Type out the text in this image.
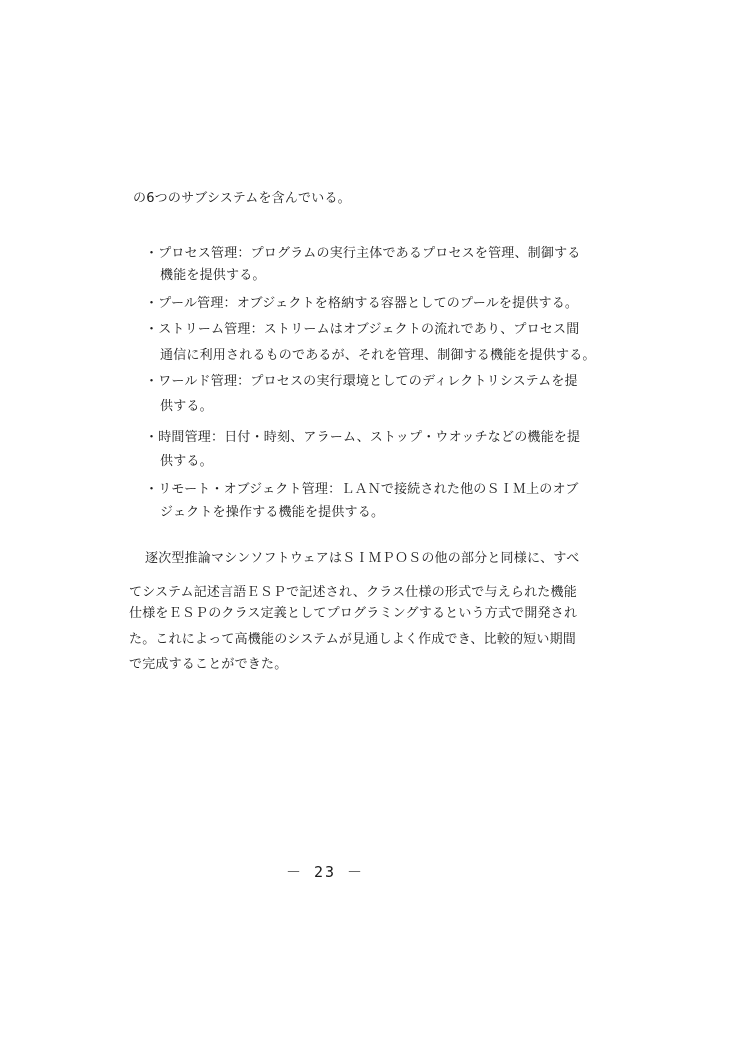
の6つのサブシステムを含んでいる。
・プロセス管理：プログラムの実行主体であるプロセスを管理、制御する
機能を提供する。
・プール管理：オブジェクトを格納する容器としてのプールを提供する。
・ストリーム管理：ストリームはオブジェクトの流れであり、プロセス間
通信に利用されるものであるが、それを管理、制御する機能を提供する。
・ワールド管理：プロセスの実行環境としてのディレクトリシステムを提
供する。
・時間管理：日付・時刻、アラーム、ストップ・ウオッチなどの機能を提
供する。
・リモート・オブジェクト管理：ＬＡＮで接続された他のＳＩＭ上のオブ
ジェクトを操作する機能を提供する。
逐次型推論マシンソフトウェアはＳＩＭＰＯＳの他の部分と同様に、すべ
てシステム記述言語ＥＳＰで記述され、クラス仕様の形式で与えられた機能
仕様をＥＳＰのクラス定義としてプログラミングするという方式で開発され
た。これによって高機能のシステムが見通しよく作成でき、比較的短い期間
で完成することができた。
－ 23 －
